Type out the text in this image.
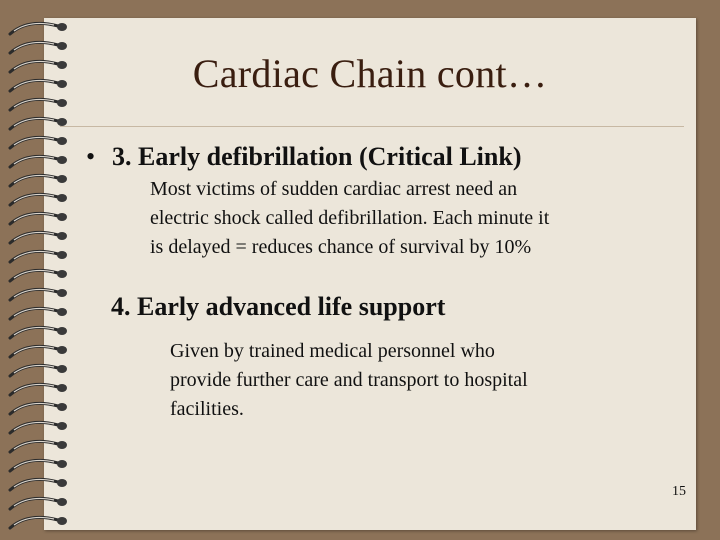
Cardiac Chain cont…
• 3. Early defibrillation (Critical Link)
Most victims of sudden cardiac arrest need an
electric shock called defibrillation. Each minute it
is delayed = reduces chance of survival by 10%
4. Early advanced life support
Given by trained medical personnel who
provide further care and transport to hospital
facilities.
15
